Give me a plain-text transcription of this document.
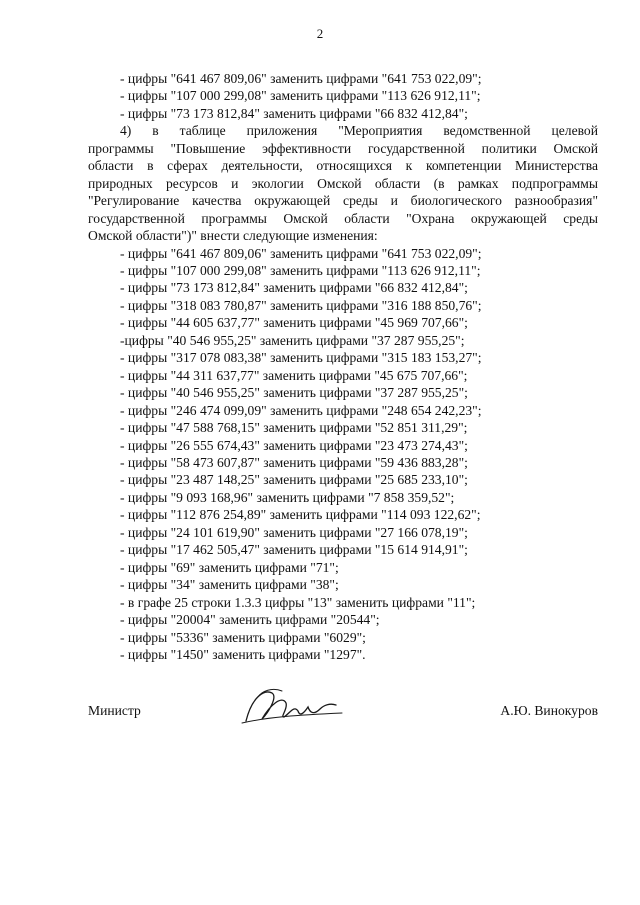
2
- цифры "641 467 809,06" заменить цифрами "641 753 022,09";
- цифры "107 000 299,08" заменить цифрами "113 626 912,11";
- цифры "73 173 812,84" заменить цифрами "66 832 412,84";
4) в таблице приложения "Мероприятия ведомственной целевой
программы "Повышение эффективности государственной политики Омской
области в сферах деятельности, относящихся к компетенции Министерства
природных ресурсов и экологии Омской области (в рамках подпрограммы
"Регулирование качества окружающей среды и биологического разнообразия"
государственной программы Омской области "Охрана окружающей среды
Омской области")" внести следующие изменения:
- цифры "641 467 809,06" заменить цифрами "641 753 022,09";
- цифры "107 000 299,08" заменить цифрами "113 626 912,11";
- цифры "73 173 812,84" заменить цифрами "66 832 412,84";
- цифры "318 083 780,87" заменить цифрами "316 188 850,76";
- цифры "44 605 637,77" заменить цифрами "45 969 707,66";
-цифры "40 546 955,25" заменить цифрами "37 287 955,25";
- цифры "317 078 083,38" заменить цифрами "315 183 153,27";
- цифры "44 311 637,77" заменить цифрами "45 675 707,66";
- цифры "40 546 955,25" заменить цифрами "37 287 955,25";
- цифры "246 474 099,09" заменить цифрами "248 654 242,23";
- цифры "47 588 768,15" заменить цифрами "52 851 311,29";
- цифры "26 555 674,43" заменить цифрами "23 473 274,43";
- цифры "58 473 607,87" заменить цифрами "59 436 883,28";
- цифры "23 487 148,25" заменить цифрами "25 685 233,10";
- цифры "9 093 168,96" заменить цифрами "7 858 359,52";
- цифры "112 876 254,89" заменить цифрами "114 093 122,62";
- цифры "24 101 619,90" заменить цифрами "27 166 078,19";
- цифры "17 462 505,47" заменить цифрами "15 614 914,91";
- цифры "69" заменить цифрами "71";
- цифры "34" заменить цифрами "38";
- в графе 25 строки 1.3.3 цифры "13" заменить цифрами "11";
- цифры "20004" заменить цифрами "20544";
- цифры "5336" заменить цифрами "6029";
- цифры "1450" заменить цифрами "1297".
Министр	А.Ю. Винокуров
